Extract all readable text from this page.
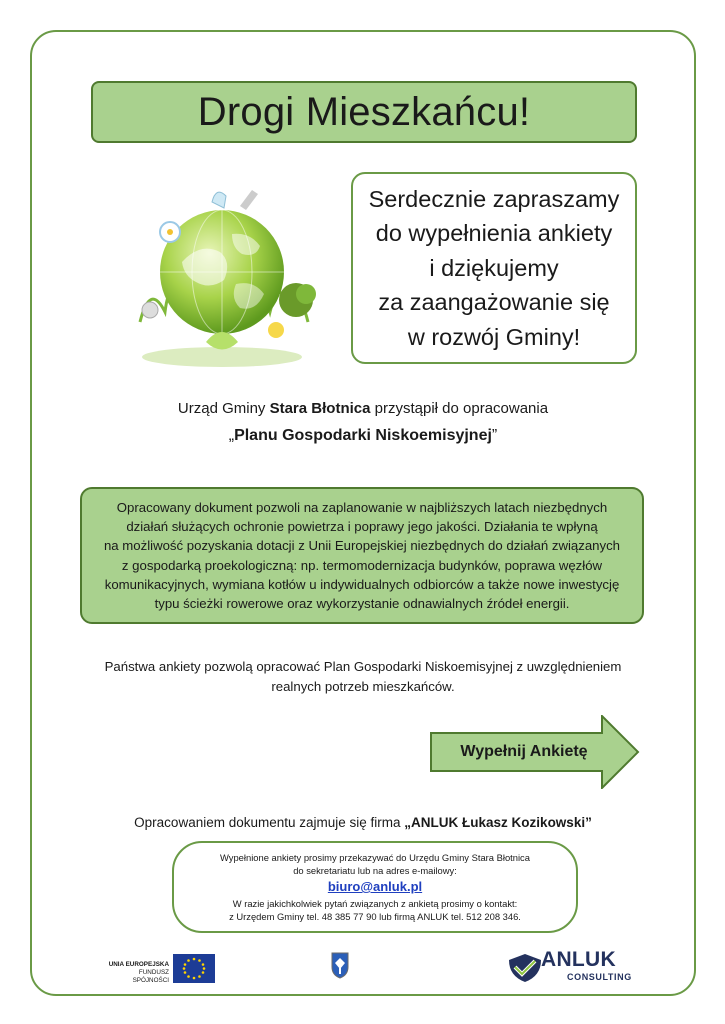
Drogi Mieszkańcu!
Serdecznie zapraszamy
do wypełnienia ankiety
i dziękujemy
za zaangażowanie się
w rozwój Gminy!
Urząd Gminy Stara Błotnica przystąpił do opracowania
„Planu Gospodarki Niskoemisyjnej”
Opracowany dokument pozwoli na zaplanowanie w najbliższych latach niezbędnych
działań służących ochronie powietrza i poprawy jego jakości. Działania te wpłyną
na możliwość pozyskania dotacji z Unii Europejskiej niezbędnych do działań związanych
z gospodarką proekologiczną: np. termomodernizacja budynków, poprawa węzłów
komunikacyjnych, wymiana kotłów u indywidualnych odbiorców a także nowe inwestycję
typu ścieżki rowerowe oraz wykorzystanie odnawialnych źródeł energii.
Państwa ankiety pozwolą opracować Plan Gospodarki Niskoemisyjnej z uwzględnieniem
realnych potrzeb mieszkańców.
Wypełnij Ankietę
Opracowaniem dokumentu zajmuje się firma „ANLUK Łukasz Kozikowski”
Wypełnione ankiety prosimy przekazywać do Urzędu Gminy Stara Błotnica
do sekretariatu lub na adres e-mailowy:
biuro@anluk.pl
W razie jakichkolwiek pytań związanych z ankietą prosimy o kontakt:
z Urzędem Gminy tel. 48 385 77 90 lub firmą ANLUK tel. 512 208 346.
UNIA EUROPEJSKA
FUNDUSZ SPÓJNOŚCI
ANLUK
CONSULTING
